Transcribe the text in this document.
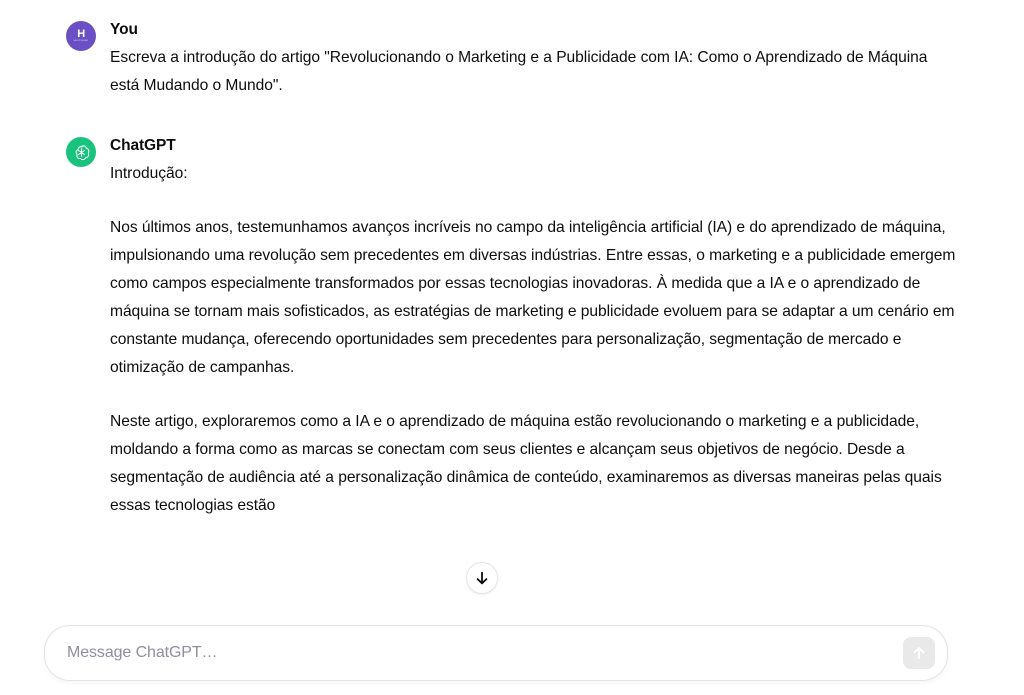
H
HOSTINGER
You
Escreva a introdução do artigo "Revolucionando o Marketing e a Publicidade com IA: Como o Aprendizado de Máquina está Mudando o Mundo".
ChatGPT
Introdução:
Nos últimos anos, testemunhamos avanços incríveis no campo da inteligência artificial (IA) e do aprendizado de máquina, impulsionando uma revolução sem precedentes em diversas indústrias. Entre essas, o marketing e a publicidade emergem como campos especialmente transformados por essas tecnologias inovadoras. À medida que a IA e o aprendizado de máquina se tornam mais sofisticados, as estratégias de marketing e publicidade evoluem para se adaptar a um cenário em constante mudança, oferecendo oportunidades sem precedentes para personalização, segmentação de mercado e otimização de campanhas.
Neste artigo, exploraremos como a IA e o aprendizado de máquina estão revolucionando o marketing e a publicidade, moldando a forma como as marcas se conectam com seus clientes e alcançam seus objetivos de negócio. Desde a segmentação de audiência até a personalização dinâmica de conteúdo, examinaremos as diversas maneiras pelas quais essas tecnologias estão
Message ChatGPT…
